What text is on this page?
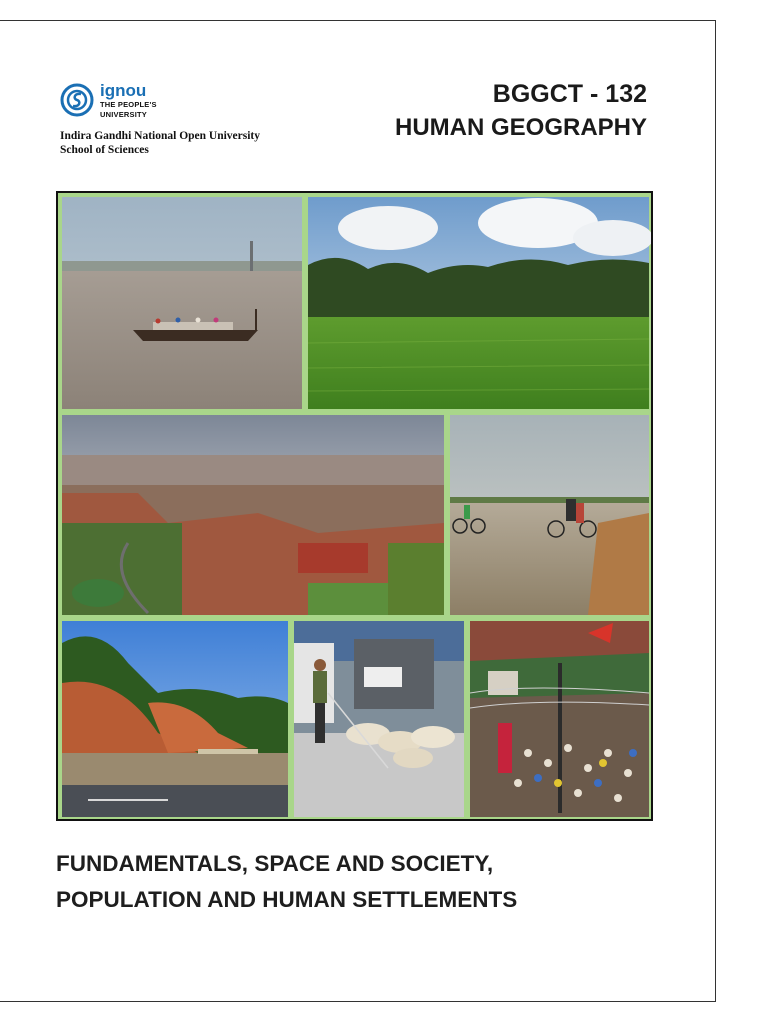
ignou
THE PEOPLE'S
UNIVERSITY
Indira Gandhi National Open University
School of Sciences
BGGCT - 132
HUMAN GEOGRAPHY
FUNDAMENTALS, SPACE AND SOCIETY,
POPULATION AND HUMAN SETTLEMENTS
